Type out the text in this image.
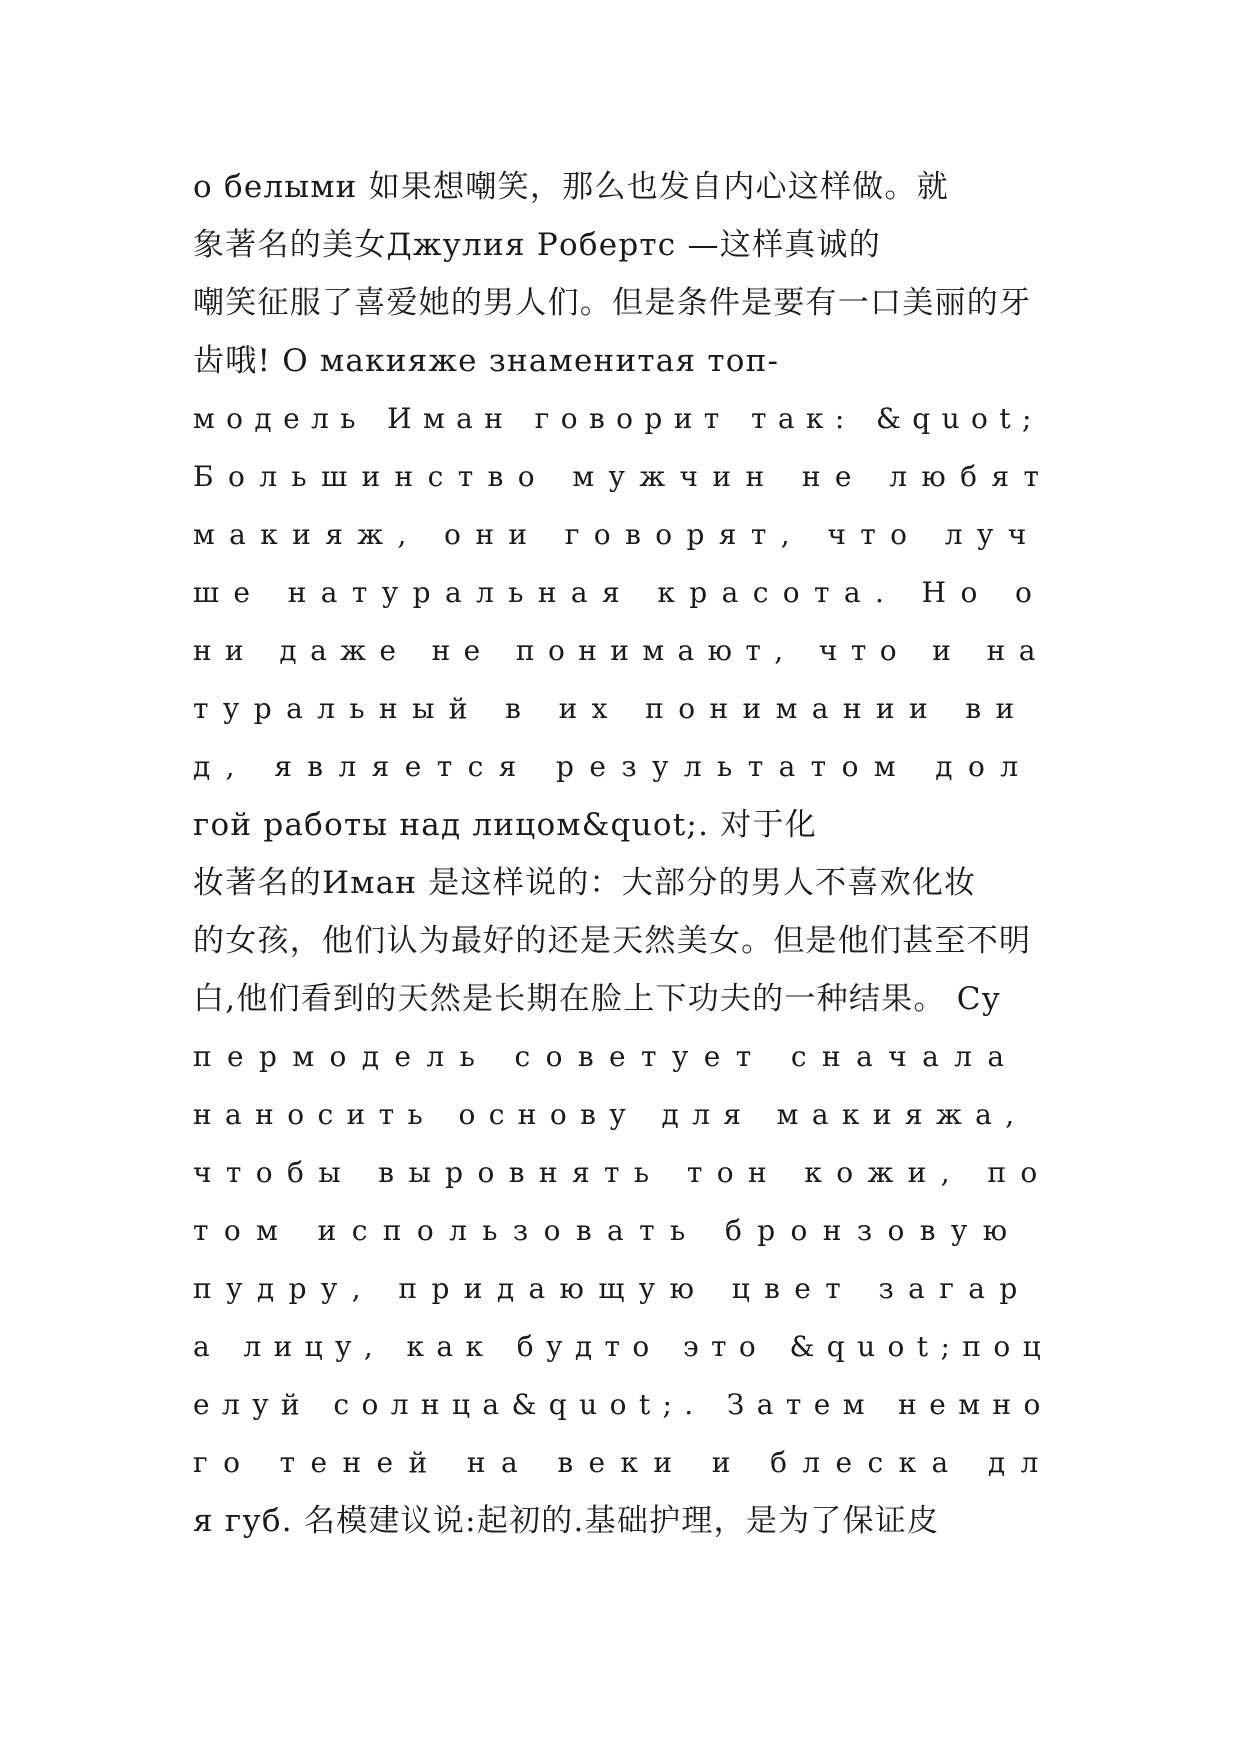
о белыми 如果想嘲笑，那么也发自内心这样做。就
象著名的美女Джулия Робертс —这样真诚的
嘲笑征服了喜爱她的男人们。但是条件是要有一口美丽的牙
齿哦! О макияже знаменитая топ-
модель Иман говорит так: &quot;
Большинство мужчин не любят
макияж, они говорят, что луч
ше натуральная красота. Но о
ни даже не понимают, что и на
туральный в их понимании ви
д, является результатом дол
гой работы над лицом&quot;. 对于化
妆著名的Иман 是这样说的：大部分的男人不喜欢化妆
的女孩，他们认为最好的还是天然美女。但是他们甚至不明
白,他们看到的天然是长期在脸上下功夫的一种结果。 Су
пермодель советует сначала
наносить основу для макияжа,
чтобы выровнять тон кожи, по
том использовать бронзовую
пудру, придающую цвет загар
а лицу, как будто это &quot;поц
елуй солнца&quot;. Затем немно
го теней на веки и блеска дл
я губ. 名模建议说:起初的.基础护理，是为了保证皮
